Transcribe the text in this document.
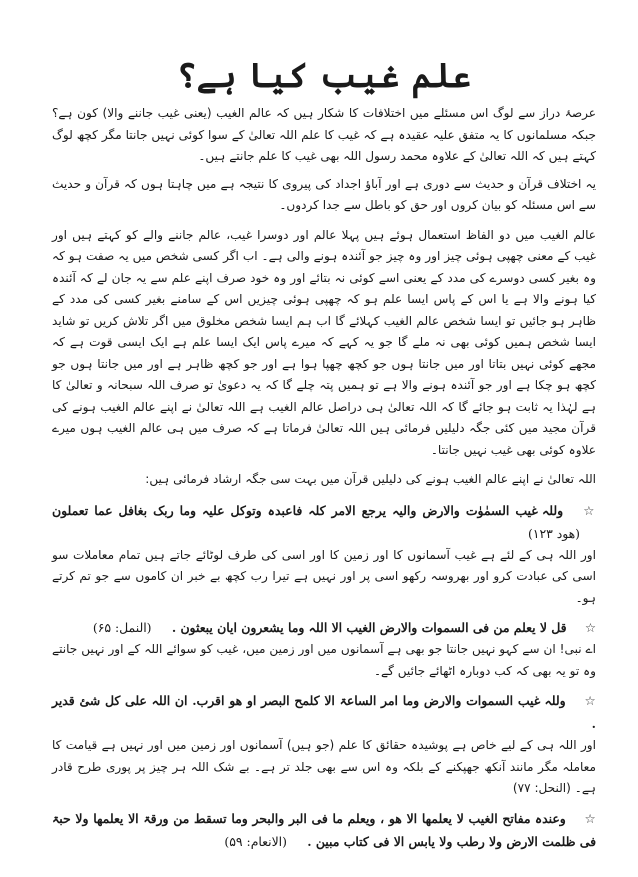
علم غیب کیا ہے؟

عرصۂ دراز سے لوگ اس مسئلے میں اختلافات کا شکار ہیں کہ عالم الغیب (یعنی غیب جاننے والا) کون ہے؟ جبکہ مسلمانوں کا یہ متفق علیہ عقیدہ ہے کہ غیب کا علم اللہ تعالیٰ کے سوا کوئی نہیں جانتا مگر کچھ لوگ کہتے ہیں کہ اللہ تعالیٰ کے علاوہ محمد رسول اللہ بھی غیب کا علم جانتے ہیں۔

یہ اختلاف قرآن و حدیث سے دوری ہے اور آباؤ اجداد کی پیروی کا نتیجہ ہے میں چاہتا ہوں کہ قرآن و حدیث سے اس مسئلہ کو بیان کروں اور حق کو باطل سے جدا کردوں۔

عالم الغیب میں دو الفاظ استعمال ہوئے ہیں پہلا عالم اور دوسرا غیب، عالم جاننے والے کو کہتے ہیں اور غیب کے معنی چھپی ہوئی چیز اور وہ چیز جو آئندہ ہونے والی ہے۔ اب اگر کسی شخص میں یہ صفت ہو کہ وہ بغیر کسی دوسرے کی مدد کے یعنی اسے کوئی نہ بتائے اور وہ خود صرف اپنے علم سے یہ جان لے کہ آئندہ کیا ہونے والا ہے یا اس کے پاس ایسا علم ہو کہ چھپی ہوئی چیزیں اس کے سامنے بغیر کسی کی مدد کے ظاہر ہو جائیں تو ایسا شخص عالم الغیب کہلائے گا اب ہم ایسا شخص مخلوق میں اگر تلاش کریں تو شاید ایسا شخص ہمیں کوئی بھی نہ ملے گا جو یہ کہے کہ میرے پاس ایک ایسا علم ہے ایک ایسی قوت ہے کہ مجھے کوئی نہیں بتاتا اور میں جانتا ہوں جو کچھ چھپا ہوا ہے اور جو کچھ ظاہر ہے اور میں جانتا ہوں جو کچھ ہو چکا ہے اور جو آئندہ ہونے والا ہے تو ہمیں پتہ چلے گا کہ یہ دعویٰ تو صرف اللہ سبحانہ و تعالیٰ کا ہے لہٰذا یہ ثابت ہو جائے گا کہ اللہ تعالیٰ ہی دراصل عالم الغیب ہے اللہ تعالیٰ نے اپنے عالم الغیب ہونے کی قرآن مجید میں کئی جگہ دلیلیں فرمائی ہیں اللہ تعالیٰ فرماتا ہے کہ صرف میں ہی عالم الغیب ہوں میرے علاوہ کوئی بھی غیب نہیں جانتا۔

اللہ تعالیٰ نے اپنے عالم الغیب ہونے کی دلیلیں قرآن میں بہت سی جگہ ارشاد فرمائی ہیں:

☆ وللہ غیب السمٰوٰت والارض والیہ یرجع الامر کلہ فاعبدہ وتوکل علیہ وما ربک بغافل عما تعملون (ھود ۱۲۳)

اور اللہ ہی کے لئے ہے غیب آسمانوں کا اور زمین کا اور اسی کی طرف لوٹائے جاتے ہیں تمام معاملات سو اسی کی عبادت کرو اور بھروسہ رکھو اسی پر اور نہیں ہے تیرا رب کچھ بے خبر ان کاموں سے جو تم کرتے ہو۔

☆ قل لا یعلم من فی السموات والارض الغیب الا اللہ وما یشعرون ایان یبعثون . (النمل: ۶۵)

اے نبی! ان سے کہو نہیں جانتا جو بھی ہے آسمانوں میں اور زمین میں، غیب کو سوائے اللہ کے اور نہیں جانتے وہ تو یہ بھی کہ کب دوبارہ اٹھائے جائیں گے۔

☆ وللہ غیب السموات والارض وما امر الساعۃ الا کلمح البصر او ھو اقرب. ان اللہ علی کل شئ قدیر .

اور اللہ ہی کے لیے خاص ہے پوشیدہ حقائق کا علم (جو ہیں) آسمانوں اور زمین میں اور نہیں ہے قیامت کا معاملہ مگر مانند آنکھ جھپکنے کے بلکہ وہ اس سے بھی جلد تر ہے۔ بے شک اللہ ہر چیز پر پوری طرح قادر ہے۔ (النحل: ۷۷)

☆ وعندہ مفاتح الغیب لا یعلمھا الا ھو ، ویعلم ما فی البر والبحر وما تسقط من ورقۃ الا یعلمھا ولا حبۃ فی ظلمت الارض ولا رطب ولا یابس الا فی کتاب مبین . (الانعام: ۵۹)
